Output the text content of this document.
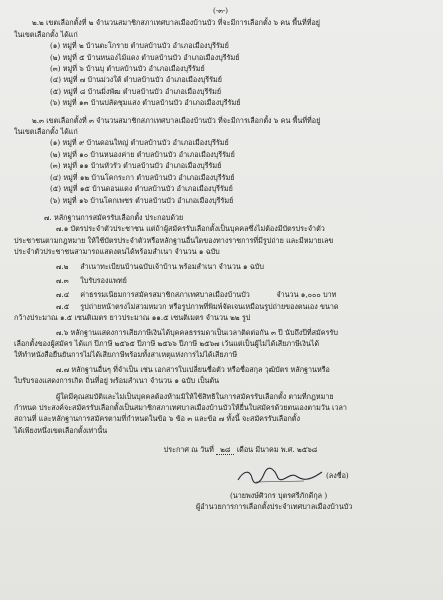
(-๓-)
๒.๒ เขตเลือกตั้งที่ ๒ จำนวนสมาชิกสภาเทศบาลเมืองบ้านบัว ที่จะมีการเลือกตั้ง ๖ คน พื้นที่ที่อยู่
ในเขตเลือกตั้ง ได้แก่
(๑) หมู่ที่ ๒ บ้านตะโกราย ตำบลบ้านบัว อำเภอเมืองบุรีรัมย์
(๒) หมู่ที่ ๕ บ้านหนองไม้แดง ตำบลบ้านบัว อำเภอเมืองบุรีรัมย์
(๓) หมู่ที่ ๖ บ้านบุ ตำบลบ้านบัว อำเภอเมืองบุรีรัมย์
(๔) หมู่ที่ ๗ บ้านม่วงใต้ ตำบลบ้านบัว อำเภอเมืองบุรีรัมย์
(๕) หมู่ที่ ๘ บ้านมิ่งพัฒ ตำบลบ้านบัว อำเภอเมืองบุรีรัมย์
(๖) หมู่ที่ ๑๓ บ้านปลัดชุมแสง ตำบลบ้านบัว อำเภอเมืองบุรีรัมย์
๒.๓ เขตเลือกตั้งที่ ๓ จำนวนสมาชิกสภาเทศบาลเมืองบ้านบัว ที่จะมีการเลือกตั้ง ๖ คน พื้นที่ที่อยู่
ในเขตเลือกตั้ง ได้แก่
(๑) หมู่ที่ ๙ บ้านดอนใหญ่ ตำบลบ้านบัว อำเภอเมืองบุรีรัมย์
(๒) หมู่ที่ ๑๐ บ้านหนองค่าย ตำบลบ้านบัว อำเภอเมืองบุรีรัมย์
(๓) หมู่ที่ ๑๑ บ้านหัวรัว ตำบลบ้านบัว อำเภอเมืองบุรีรัมย์
(๔) หมู่ที่ ๑๒ บ้านโคกระกา ตำบลบ้านบัว อำเภอเมืองบุรีรัมย์
(๕) หมู่ที่ ๑๕ บ้านดอนแดง ตำบลบ้านบัว อำเภอเมืองบุรีรัมย์
(๖) หมู่ที่ ๑๖ บ้านโคกเพชร ตำบลบ้านบัว อำเภอเมืองบุรีรัมย์
๗. หลักฐานการสมัครรับเลือกตั้ง ประกอบด้วย
๗.๑ บัตรประจำตัวประชาชน แต่ถ้าผู้สมัครรับเลือกตั้งเป็นบุคคลซึ่งไม่ต้องมีบัตรประจำตัว
ประชาชนตามกฎหมาย ให้ใช้บัตรประจำตัวหรือหลักฐานอื่นใดของทางราชการที่มีรูปถ่าย และมีหมายเลข
ประจำตัวประชาชนสามารถแสดงตนได้พร้อมสำเนา จำนวน ๑ ฉบับ
๗.๒ สำเนาทะเบียนบ้านฉบับเจ้าบ้าน พร้อมสำเนา จำนวน ๑ ฉบับ
๗.๓ ใบรับรองแพทย์
๗.๔ ค่าธรรมเนียมการสมัครสมาชิกสภาเทศบาลเมืองบ้านบัว	จำนวน ๑,๐๐๐ บาท
๗.๕ รูปถ่ายหน้าตรงไม่สวมหมวก หรือรูปภาพที่พิมพ์จัดเจนเหมือนรูปถ่ายของตนเอง ขนาด
กว้างประมาณ ๑.๕ เซนติเมตร ยาวประมาณ ๑๑.๕ เซนติเมตร จำนวน ๒๒ รูป
๗.๖ หลักฐานแสดงการเสียภาษีเงินได้บุคคลธรรมดาเป็นเวลาติดต่อกัน ๓ ปี นับถึงปีที่สมัครรับ
เลือกตั้งของผู้สมัคร ได้แก่ ปีภาษี ๒๕๖๕ ปีภาษี ๒๕๖๖ ปีภาษี ๒๕๖๗ เว้นแต่เป็นผู้ไม่ได้เสียภาษีเงินได้
ให้ทำหนังสือยืนยันการไม่ได้เสียภาษีพร้อมทั้งสาเหตุแห่งการไม่ได้เสียภาษี
๗.๗ หลักฐานอื่นๆ ที่จำเป็น เช่น เอกสารใบเปลี่ยนชื่อตัว หรือชื่อสกุล วุฒิบัตร หลักฐานหรือ
ใบรับรองแสดงการเกิด ถิ่นที่อยู่ พร้อมสำเนา จำนวน ๑ ฉบับ เป็นต้น
ผู้ใดมีคุณสมบัติและไม่เป็นบุคคลต้องห้ามมิให้ใช้สิทธิในการสมัครรับเลือกตั้ง ตามที่กฎหมาย
กำหนด ประสงค์จะสมัครรับเลือกตั้งเป็นสมาชิกสภาเทศบาลเมืองบ้านบัวให้ยื่นใบสมัครด้วยตนเองตามวัน เวลา
สถานที่ และหลักฐานการสมัครตามที่กำหนดในข้อ ๖ ข้อ ๓ และข้อ ๗ ทั้งนี้ จะสมัครรับเลือกตั้ง
ได้เพียงหนึ่งเขตเลือกตั้งเท่านั้น
ประกาศ ณ วันที่ ๒๘ เดือน มีนาคม พ.ศ. ๒๕๖๘
(ลงชื่อ)
(นายพงษ์ศิวกร บุตรศรีภักดีกุล )
ผู้อำนวยการการเลือกตั้งประจำเทศบาลเมืองบ้านบัว
